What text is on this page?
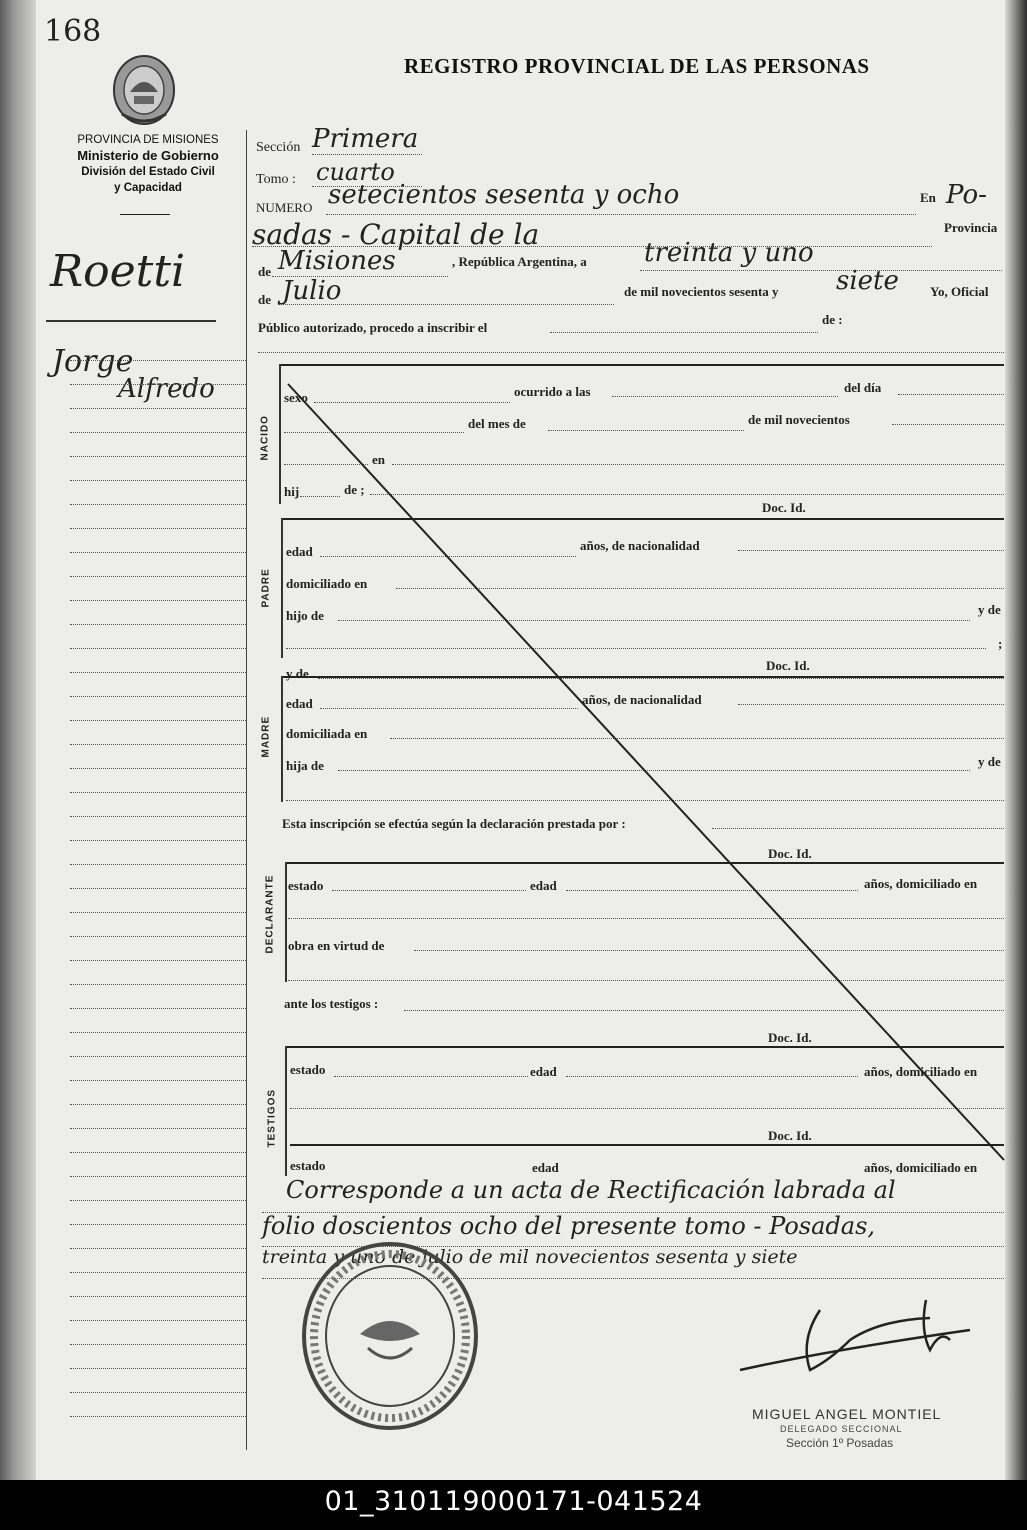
168
REGISTRO PROVINCIAL DE LAS PERSONAS
PROVINCIA DE MISIONES
Ministerio de Gobierno
División del Estado Civil
y Capacidad
Roetti
Jorge
Alfredo
Sección Primera
Tomo : cuarto
NUMERO setecientos sesenta y ocho	En Po-
sadas - Capital de la	Provincia
de Misiones	, República Argentina, a treinta y uno
de Julio	de mil novecientos sesenta y siete Yo, Oficial
Público autorizado, procedo a inscribir el
de :
NACIDO
sexo	ocurrido a las	del día
del mes de	de mil novecientos
en
hij	de ;
Doc. Id.
PADRE
edad	años, de nacionalidad
domiciliado en
hijo de	y de
;
y de
Doc. Id.
MADRE
edad	años, de nacionalidad
domiciliada en
hija de	y de
Esta inscripción se efectúa según la declaración prestada por :
Doc. Id.
DECLARANTE estado	edad	años, domiciliado en
obra en virtud de
ante los testigos :
Doc. Id.
TESTIGOS
estado	edad	años, domiciliado en
Doc. Id.
estado	edad	años, domiciliado en
Corresponde a un acta de Rectificación labrada al
folio doscientos ocho del presente tomo - Posadas,
treinta y uno de julio de mil novecientos sesenta y siete
MIGUEL ANGEL MONTIEL
DELEGADO SECCIONAL
Sección 1º Posadas
01_310119000171-041524
